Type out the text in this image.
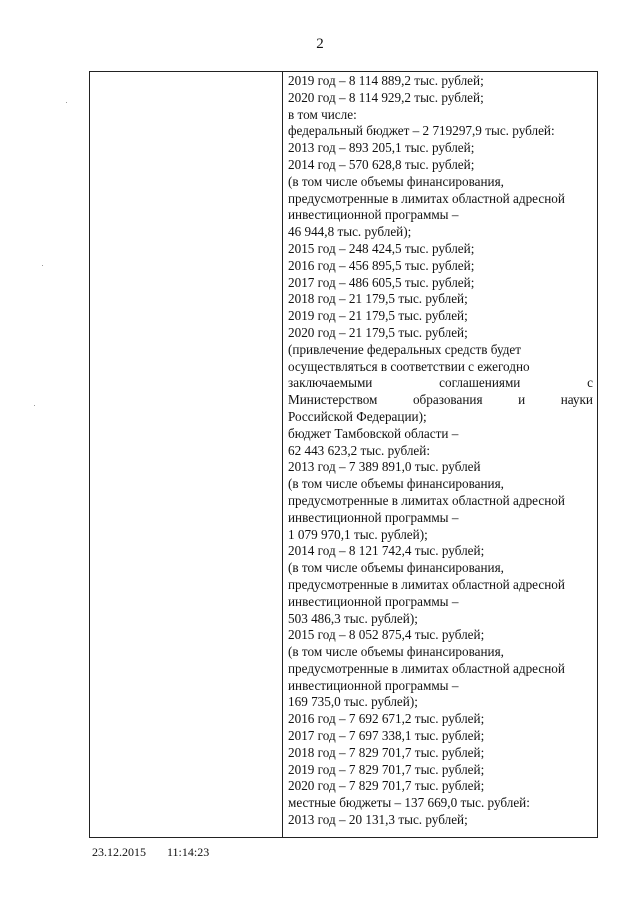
2
2019 год – 8 114 889,2 тыс. рублей;
2020 год – 8 114 929,2 тыс. рублей;
в том числе:
федеральный бюджет – 2 719297,9 тыс. рублей:
2013 год – 893 205,1 тыс. рублей;
2014 год – 570 628,8 тыс. рублей;
(в том числе объемы финансирования,
предусмотренные в лимитах областной адресной
инвестиционной программы –
46 944,8 тыс. рублей);
2015 год – 248 424,5 тыс. рублей;
2016 год – 456 895,5 тыс. рублей;
2017 год – 486 605,5 тыс. рублей;
2018 год – 21 179,5 тыс. рублей;
2019 год – 21 179,5 тыс. рублей;
2020 год – 21 179,5 тыс. рублей;
(привлечение федеральных средств будет
осуществляться в соответствии с ежегодно
заключаемыми	соглашениями	с
Министерством	образования	и	науки
Российской Федерации);
бюджет Тамбовской области –
62 443 623,2 тыс. рублей:
2013 год – 7 389 891,0 тыс. рублей
(в том числе объемы финансирования,
предусмотренные в лимитах областной адресной
инвестиционной программы –
1 079 970,1 тыс. рублей);
2014 год – 8 121 742,4 тыс. рублей;
(в том числе объемы финансирования,
предусмотренные в лимитах областной адресной
инвестиционной программы –
503 486,3 тыс. рублей);
2015 год – 8 052 875,4 тыс. рублей;
(в том числе объемы финансирования,
предусмотренные в лимитах областной адресной
инвестиционной программы –
169 735,0 тыс. рублей);
2016 год – 7 692 671,2 тыс. рублей;
2017 год – 7 697 338,1 тыс. рублей;
2018 год – 7 829 701,7 тыс. рублей;
2019 год – 7 829 701,7 тыс. рублей;
2020 год – 7 829 701,7 тыс. рублей;
местные бюджеты – 137 669,0 тыс. рублей:
2013 год – 20 131,3 тыс. рублей;
23.12.2015 11:14:23
